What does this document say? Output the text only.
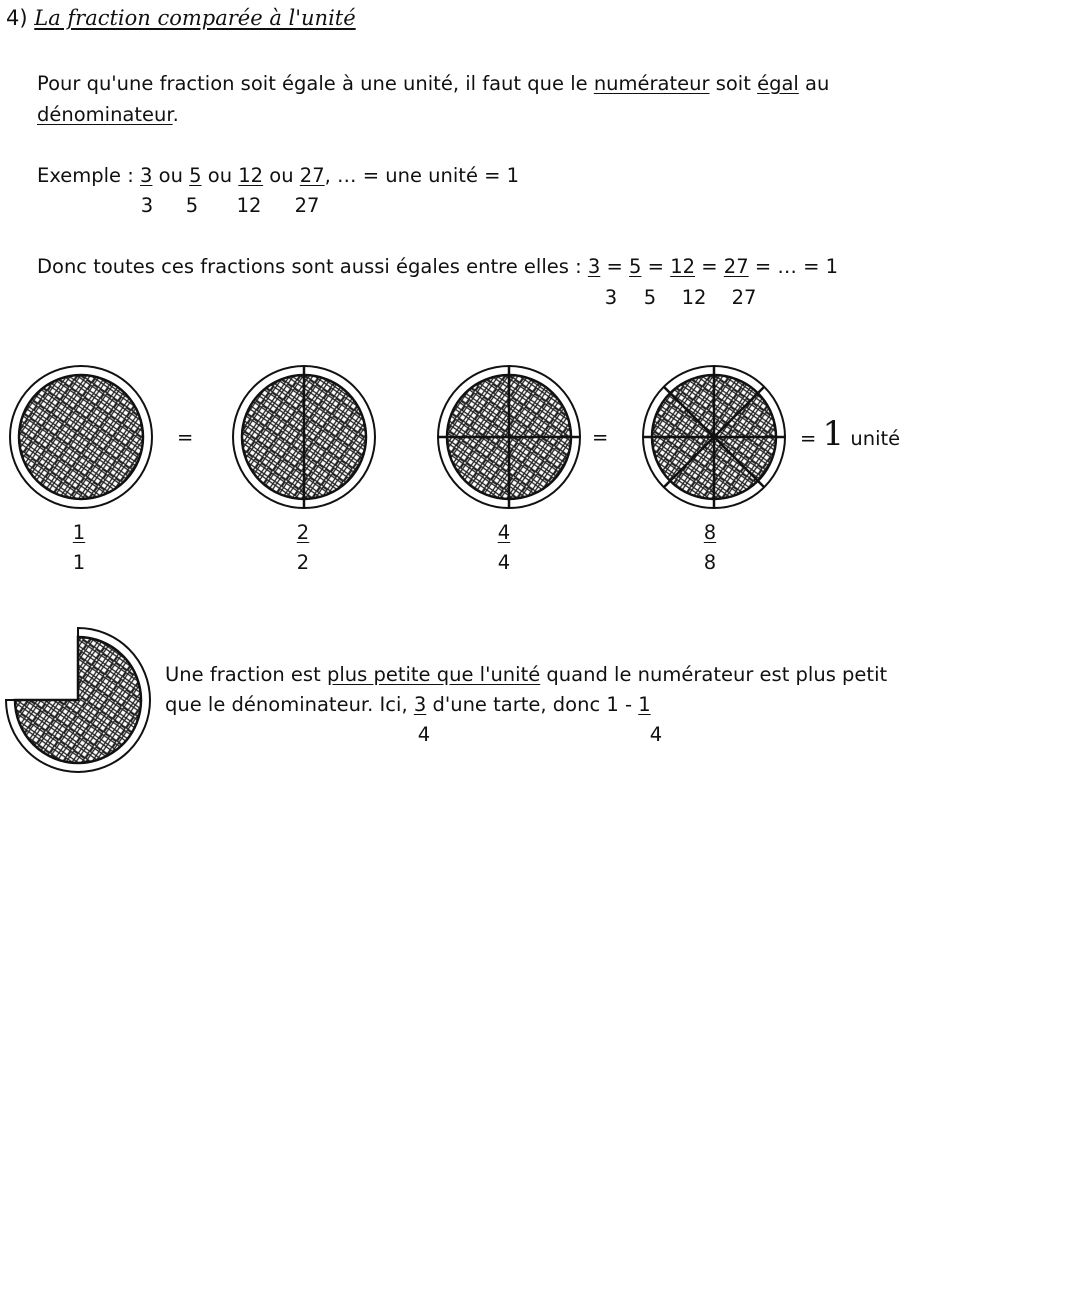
4) La fraction comparée à l'unité
Pour qu'une fraction soit égale à une unité, il faut que le numérateur soit égal au
dénominateur.
Exemple : 3 ou 5 ou 12 ou 27, … = une unité = 1
3	5	12	27
Donc toutes ces fractions sont aussi égales entre elles : 3 = 5 = 12 = 27 = … = 1
3	5	12	27
=	=	= 1 unité
1
1
2
2
4
4
8
8
Une fraction est plus petite que l'unité quand le numérateur est plus petit
que le dénominateur. Ici, 3 d'une tarte, donc 1 - 1
4	4
